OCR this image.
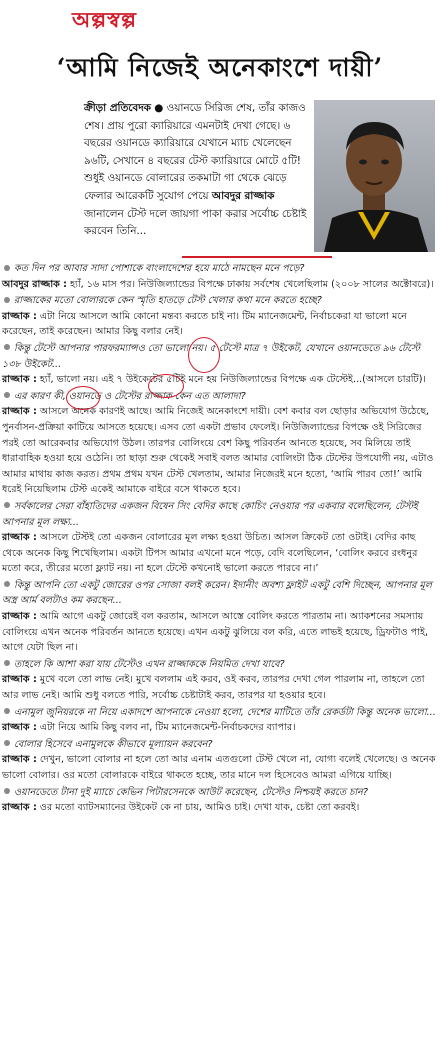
অল্পস্বল্প
‘আমি নিজেই অনেকাংশে দায়ী’
ক্রীড়া প্রতিবেদক ● ওয়ানডে সিরিজ শেষ, তাঁর কাজও শেষ। প্রায় পুরো ক্যারিয়ারে এমনটাই দেখা গেছে। ৬ বছরের ওয়ানডে ক্যারিয়ারে যেখানে ম্যাচ খেলেছেন ৯৬টি, সেখানে ৪ বছরের টেস্ট ক্যারিয়ারে মোটে ৫টি! শুধুই ওয়ানডে বোলারের তকমাটা গা থেকে ঝেড়ে ফেলার আরেকটি সুযোগ পেয়ে আবদুর রাজ্জাক জানালেন টেস্ট দলে জায়গা পাকা করার সর্বোচ্চ চেষ্টাই করবেন তিনি...
কত দিন পর আবার সাদা পোশাকে বাংলাদেশের হয়ে মাঠে নামছেন মনে পড়ে?
আবদুর রাজ্জাক : হ্যাঁ, ১৬ মাস পর। নিউজিল্যান্ডের বিপক্ষে ঢাকায় সর্বশেষ খেলেছিলাম (২০০৮ সালের অক্টোবরে)।
রাজ্জাকের মতো বোলারকে কেন স্মৃতি হাতড়ে টেস্ট খেলার কথা মনে করতে হচ্ছে?
রাজ্জাক : এটা নিয়ে আসলে আমি কোনো মন্তব্য করতে চাই না। টিম ম্যানেজমেন্ট, নির্বাচকেরা যা ভালো মনে করেছেন, তাই করেছেন। আমার কিছু বলার নেই।
কিন্তু টেস্টে আপনার পারফরম্যান্সও তো ভালো নয়। ৫ টেস্টে মাত্র ৭ উইকেট, যেখানে ওয়ানডেতে ৯৬ টেস্টে ১৩৮ উইকেট...
রাজ্জাক : হ্যাঁ, ভালো নয়। এই ৭ উইকেটের ৫টিই মনে হয় নিউজিল্যান্ডের বিপক্ষে এক টেস্টেই...(আসলে চারটি)।
এর কারণ কী, ওয়ানডে ও টেস্টের রাজ্জাক কেন এত আলাদা?
রাজ্জাক : আসলে অনেক কারণই আছে। আমি নিজেই অনেকাংশে দায়ী। বেশ কবার বল ছোড়ার অভিযোগ উঠেছে, পুনর্বাসন-প্রক্রিয়া কাটিয়ে আসতে হয়েছে। এসব তো একটা প্রভাব ফেলেই। নিউজিল্যান্ডের বিপক্ষে ওই সিরিজের পরই তো আরেকবার অভিযোগ উঠল। তারপর বোলিংয়ে বেশ কিছু পরিবর্তন আনতে হয়েছে, সব মিলিয়ে তাই ধারাবাহিক হওয়া হয়ে ওঠেনি। তা ছাড়া শুরু থেকেই সবাই বলত আমার বোলিংটা ঠিক টেস্টের উপযোগী নয়, এটাও আমার মাথায় কাজ করত। প্রথম প্রথম যখন টেস্ট খেলতাম, আমার নিজেরই মনে হতো, ‘আমি পারব তো!’ আমি ধরেই নিয়েছিলাম টেস্ট একেই আমাকে বাইরে বসে থাকতে হবে।
সর্বকালের সেরা বাঁহাতিদের একজন বিষেন সিং বেদির কাছে কোচিং নেওয়ার পর একবার বলেছিলেন, টেস্টই আপনার মূল লক্ষ্য...
রাজ্জাক : আসলে টেস্টই তো একজন বোলারের মূল লক্ষ্য হওয়া উচিত। আসল ক্রিকেট তো ওটাই। বেদির কাছ থেকে অনেক কিছু শিখেছিলাম। একটা টিপস আমার এখনো মনে পড়ে, বেদি বলেছিলেন, ‘বোলিং করবে রংধনুর মতো করে, তীরের মতো ফ্ল্যাট নয়। না হলে টেস্টে কখনোই ভালো করতে পারবে না।’
কিন্তু আপনি তো একটু জোরের ওপর সোজা বলই করেন। ইদানীং অবশ্য ফ্লাইট একটু বেশি দিচ্ছেন, আপনার মূল অস্ত্র আর্ম বলটাও কম করছেন...
রাজ্জাক : আমি আগে একটু জোরেই বল করতাম, আসলে আস্তে বোলিং করতে পারতাম না। অ্যাকশনের সমস্যায় বোলিংয়ে এখন অনেক পরিবর্তন আনতে হয়েছে। এখন একটু ঝুলিয়ে বল করি, এতে লাভই হয়েছে, ড্রিফটাও পাই, আগে যেটা ছিল না।
তাহলে কি আশা করা যায় টেস্টেও এখন রাজ্জাককে নিয়মিত দেখা যাবে?
রাজ্জাক : মুখে বলে তো লাভ নেই। মুখে বললাম এই করব, ওই করব, তারপর দেখা গেল পারলাম না, তাহলে তো আর লাভ নেই। আমি শুধু বলতে পারি, সর্বোচ্চ চেষ্টাটাই করব, তারপর যা হওয়ার হবে।
এনামুল জুনিয়রকে না নিয়ে একাদশে আপনাকে নেওয়া হলো, দেশের মাটিতে তাঁর রেকর্ডটা কিন্তু অনেক ভালো...
রাজ্জাক : এটা নিয়ে আমি কিছু বলব না, টিম ম্যানেজমেন্ট-নির্বাচকদের ব্যাপার।
বোলার হিসেবে এনামুলকে কীভাবে মূল্যায়ন করবেন?
রাজ্জাক : দেখুন, ভালো বোলার না হলে তো আর এনাম এতগুলো টেস্ট খেলে না, যোগ্য বলেই খেলেছে। ও অনেক ভালো বোলার। ওর মতো বোলারকে বাইরে থাকতে হচ্ছে, তার মানে দল হিসেবেও আমরা এগিয়ে যাচ্ছি।
ওয়ানডেতে টানা দুই ম্যাচে কেভিন পিটারসেনকে আউট করেছেন, টেস্টেও নিশ্চয়ই করতে চান?
রাজ্জাক : ওর মতো ব্যাটসম্যানের উইকেট কে না চায়, আমিও চাই। দেখা যাক, চেষ্টা তো করবই।
